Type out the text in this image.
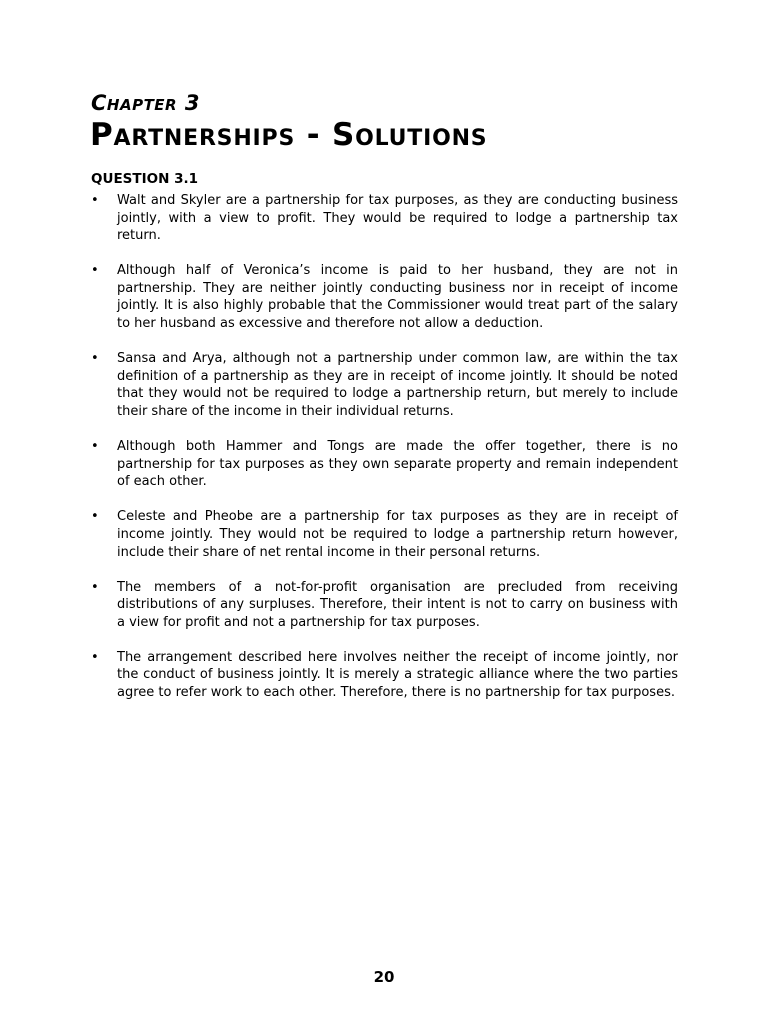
Chapter 3
Partnerships - Solutions
QUESTION 3.1
•	Walt and Skyler are a partnership for tax purposes, as they are conducting business jointly, with a view to profit. They would be required to lodge a partnership tax return.
•	Although half of Veronica’s income is paid to her husband, they are not in partnership. They are neither jointly conducting business nor in receipt of income jointly. It is also highly probable that the Commissioner would treat part of the salary to her husband as excessive and therefore not allow a deduction.
•	Sansa and Arya, although not a partnership under common law, are within the tax definition of a partnership as they are in receipt of income jointly. It should be noted that they would not be required to lodge a partnership return, but merely to include their share of the income in their individual returns.
•	Although both Hammer and Tongs are made the offer together, there is no partnership for tax purposes as they own separate property and remain independent of each other.
•	Celeste and Pheobe are a partnership for tax purposes as they are in receipt of income jointly. They would not be required to lodge a partnership return however, include their share of net rental income in their personal returns.
•	The members of a not-for-profit organisation are precluded from receiving distributions of any surpluses. Therefore, their intent is not to carry on business with a view for profit and not a partnership for tax purposes.
•	The arrangement described here involves neither the receipt of income jointly, nor the conduct of business jointly. It is merely a strategic alliance where the two parties agree to refer work to each other. Therefore, there is no partnership for tax purposes.

20
